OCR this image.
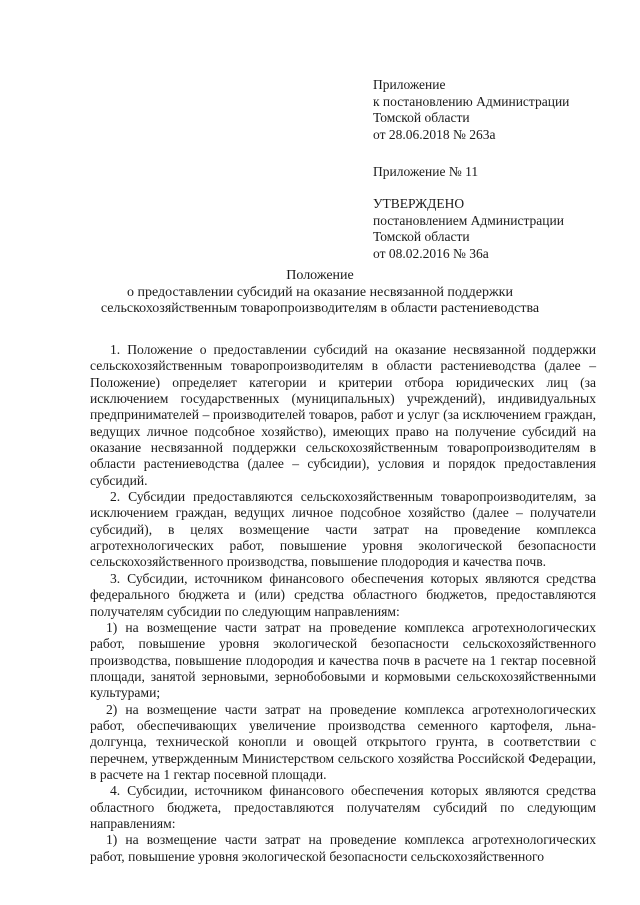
Приложение
к постановлению Администрации
Томской области
от 28.06.2018 № 263а
Приложение № 11
УТВЕРЖДЕНО
постановлением Администрации
Томской области
от 08.02.2016 № 36а
Положение
о предоставлении субсидий на оказание несвязанной поддержки
сельскохозяйственным товаропроизводителям в области растениеводства

1. Положение о предоставлении субсидий на оказание несвязанной поддержки сельскохозяйственным товаропроизводителям в области растениеводства (далее – Положение) определяет категории и критерии отбора юридических лиц (за исключением государственных (муниципальных) учреждений), индивидуальных предпринимателей – производителей товаров, работ и услуг (за исключением граждан, ведущих личное подсобное хозяйство), имеющих право на получение субсидий на оказание несвязанной поддержки сельскохозяйственным товаропроизводителям в области растениеводства (далее – субсидии), условия и порядок предоставления субсидий.

2. Субсидии предоставляются сельскохозяйственным товаропроизводителям, за исключением граждан, ведущих личное подсобное хозяйство (далее – получатели субсидий), в целях возмещение части затрат на проведение комплекса агротехнологических работ, повышение уровня экологической безопасности сельскохозяйственного производства, повышение плодородия и качества почв.

3. Субсидии, источником финансового обеспечения которых являются средства федерального бюджета и (или) средства областного бюджетов, предоставляются получателям субсидии по следующим направлениям:

1) на возмещение части затрат на проведение комплекса агротехнологических работ, повышение уровня экологической безопасности сельскохозяйственного производства, повышение плодородия и качества почв в расчете на 1 гектар посевной площади, занятой зерновыми, зернобобовыми и кормовыми сельскохозяйственными культурами;

2) на возмещение части затрат на проведение комплекса агротехнологических работ, обеспечивающих увеличение производства семенного картофеля, льна-долгунца, технической конопли и овощей открытого грунта, в соответствии с перечнем, утвержденным Министерством сельского хозяйства Российской Федерации, в расчете на 1 гектар посевной площади.

4. Субсидии, источником финансового обеспечения которых являются средства областного бюджета, предоставляются получателям субсидий по следующим направлениям:

1) на возмещение части затрат на проведение комплекса агротехнологических работ, повышение уровня экологической безопасности сельскохозяйственного
